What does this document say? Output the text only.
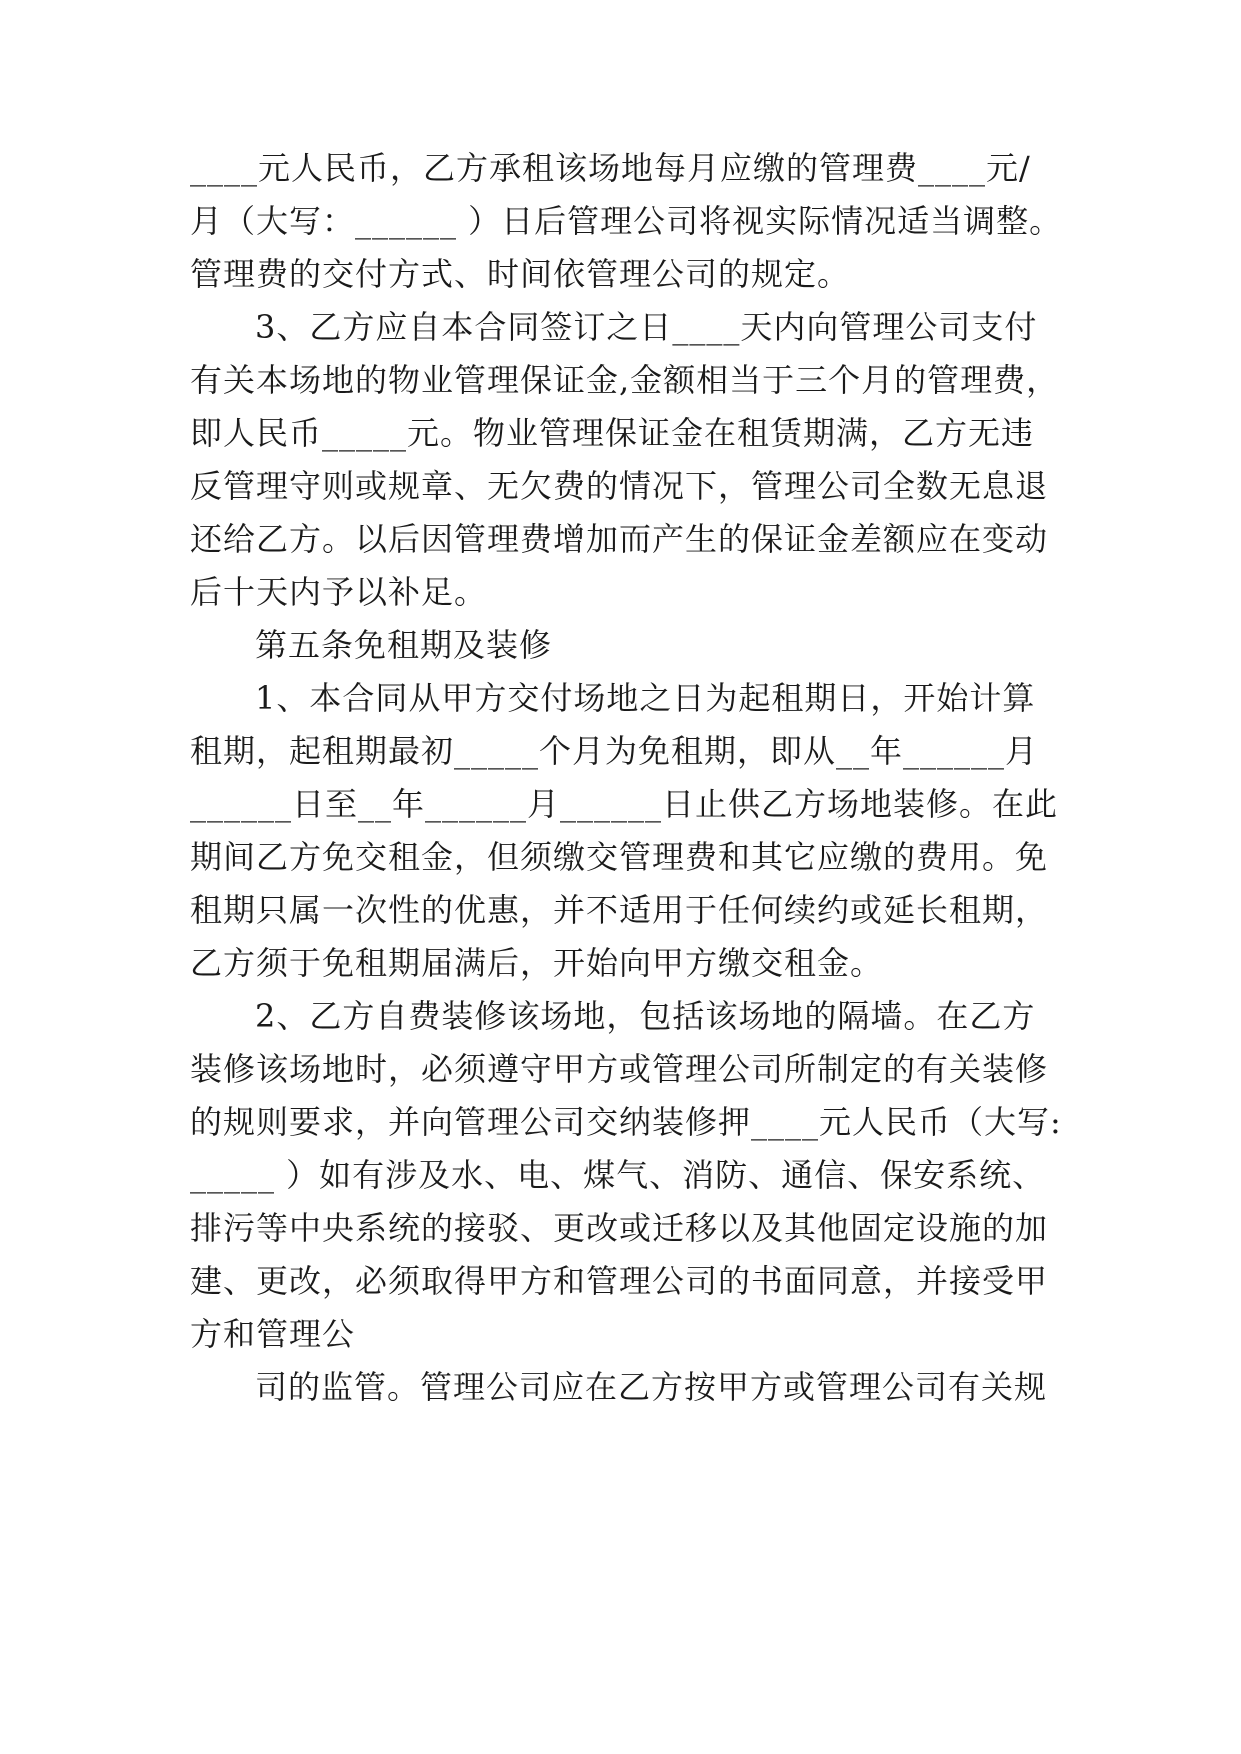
____元人民币，乙方承租该场地每月应缴的管理费____元/
月（大写：______ ）日后管理公司将视实际情况适当调整。
管理费的交付方式、时间依管理公司的规定。
3、乙方应自本合同签订之日____天内向管理公司支付
有关本场地的物业管理保证金,金额相当于三个月的管理费，
即人民币_____元。物业管理保证金在租赁期满，乙方无违
反管理守则或规章、无欠费的情况下，管理公司全数无息退
还给乙方。以后因管理费增加而产生的保证金差额应在变动
后十天内予以补足。
第五条免租期及装修
1、本合同从甲方交付场地之日为起租期日，开始计算
租期，起租期最初_____个月为免租期，即从__年______月
______日至__年______月______日止供乙方场地装修。在此
期间乙方免交租金，但须缴交管理费和其它应缴的费用。免
租期只属一次性的优惠，并不适用于任何续约或延长租期，
乙方须于免租期届满后，开始向甲方缴交租金。
2、乙方自费装修该场地，包括该场地的隔墙。在乙方
装修该场地时，必须遵守甲方或管理公司所制定的有关装修
的规则要求，并向管理公司交纳装修押____元人民币（大写:
_____ ）如有涉及水、电、煤气、消防、通信、保安系统、
排污等中央系统的接驳、更改或迁移以及其他固定设施的加
建、更改，必须取得甲方和管理公司的书面同意，并接受甲
方和管理公
司的监管。管理公司应在乙方按甲方或管理公司有关规
